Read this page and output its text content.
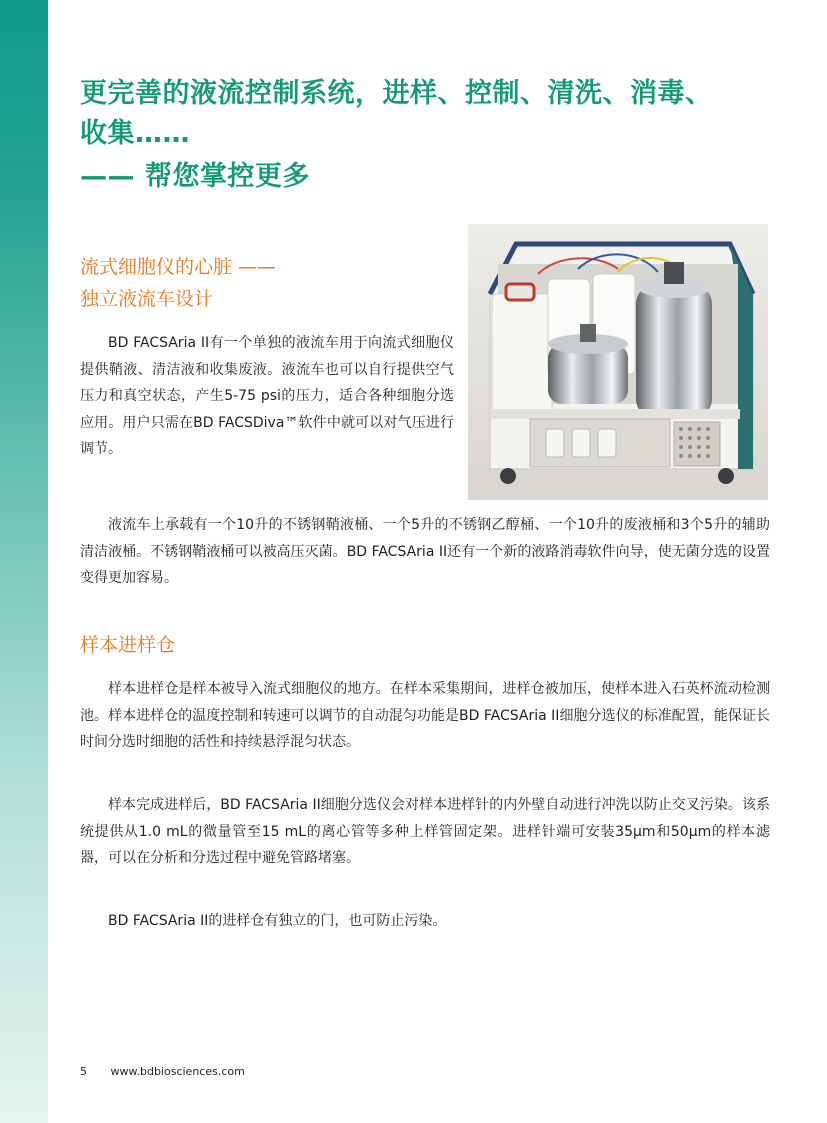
更完善的液流控制系统，进样、控制、清洗、消毒、
收集……
—— 帮您掌控更多
流式细胞仪的心脏 ——
独立液流车设计

BD FACSAria II有一个单独的液流车用于向流式细胞仪提供鞘液、清洁液和收集废液。液流车也可以自行提供空气压力和真空状态，产生5-75 psi的压力，适合各种细胞分选应用。用户只需在BD FACSDiva™软件中就可以对气压进行调节。

液流车上承载有一个10升的不锈钢鞘液桶、一个5升的不锈钢乙醇桶、一个10升的废液桶和3个5升的辅助清洁液桶。不锈钢鞘液桶可以被高压灭菌。BD FACSAria II还有一个新的液路消毒软件向导，使无菌分选的设置变得更加容易。

样本进样仓

样本进样仓是样本被导入流式细胞仪的地方。在样本采集期间，进样仓被加压，使样本进入石英杯流动检测池。样本进样仓的温度控制和转速可以调节的自动混匀功能是BD FACSAria II细胞分选仪的标准配置，能保证长时间分选时细胞的活性和持续悬浮混匀状态。

样本完成进样后，BD FACSAria II细胞分选仪会对样本进样针的内外壁自动进行冲洗以防止交叉污染。该系统提供从1.0 mL的微量管至15 mL的离心管等多种上样管固定架。进样针端可安装35μm和50μm的样本滤器，可以在分析和分选过程中避免管路堵塞。

BD FACSAria II的进样仓有独立的门，也可防止污染。

5 www.bdbiosciences.com
